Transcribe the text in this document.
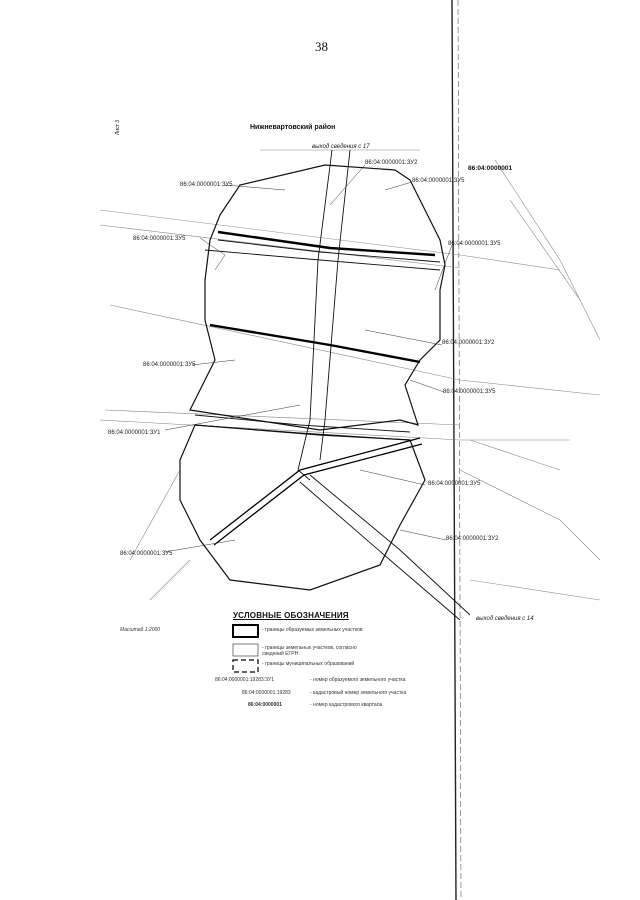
38
Лист 3	Нижневартовский район
выход сведения с 17
86:04:0000001
86:04:0000001:ЗУ2
86:04:0000001:ЗУ5
86:04:0000001:ЗУ5
86:04:0000001:ЗУ5
86:04:0000001:ЗУ5
86:04:0000001:ЗУ2
86:04:0000001:ЗУ5
86:04:0000001:ЗУ5
86:04:0000001:ЗУ1
86:04:0000001:ЗУ5
86:04:0000001:ЗУ5
86:04:0000001:ЗУ2
выход сведения с 14
УСЛОВНЫЕ ОБОЗНАЧЕНИЯ
Масштаб 1:2000	- границы образуемых земельных участков
- границы земельных участков, согласно сведений ЕГРН
- границы муниципальных образований
86:04:0000001:19283:ЗУ1	- номер образуемого земельного участка
86:04:0000001:19283	- кадастровый номер земельного участка
86:04:0000001	- номер кадастрового квартала
